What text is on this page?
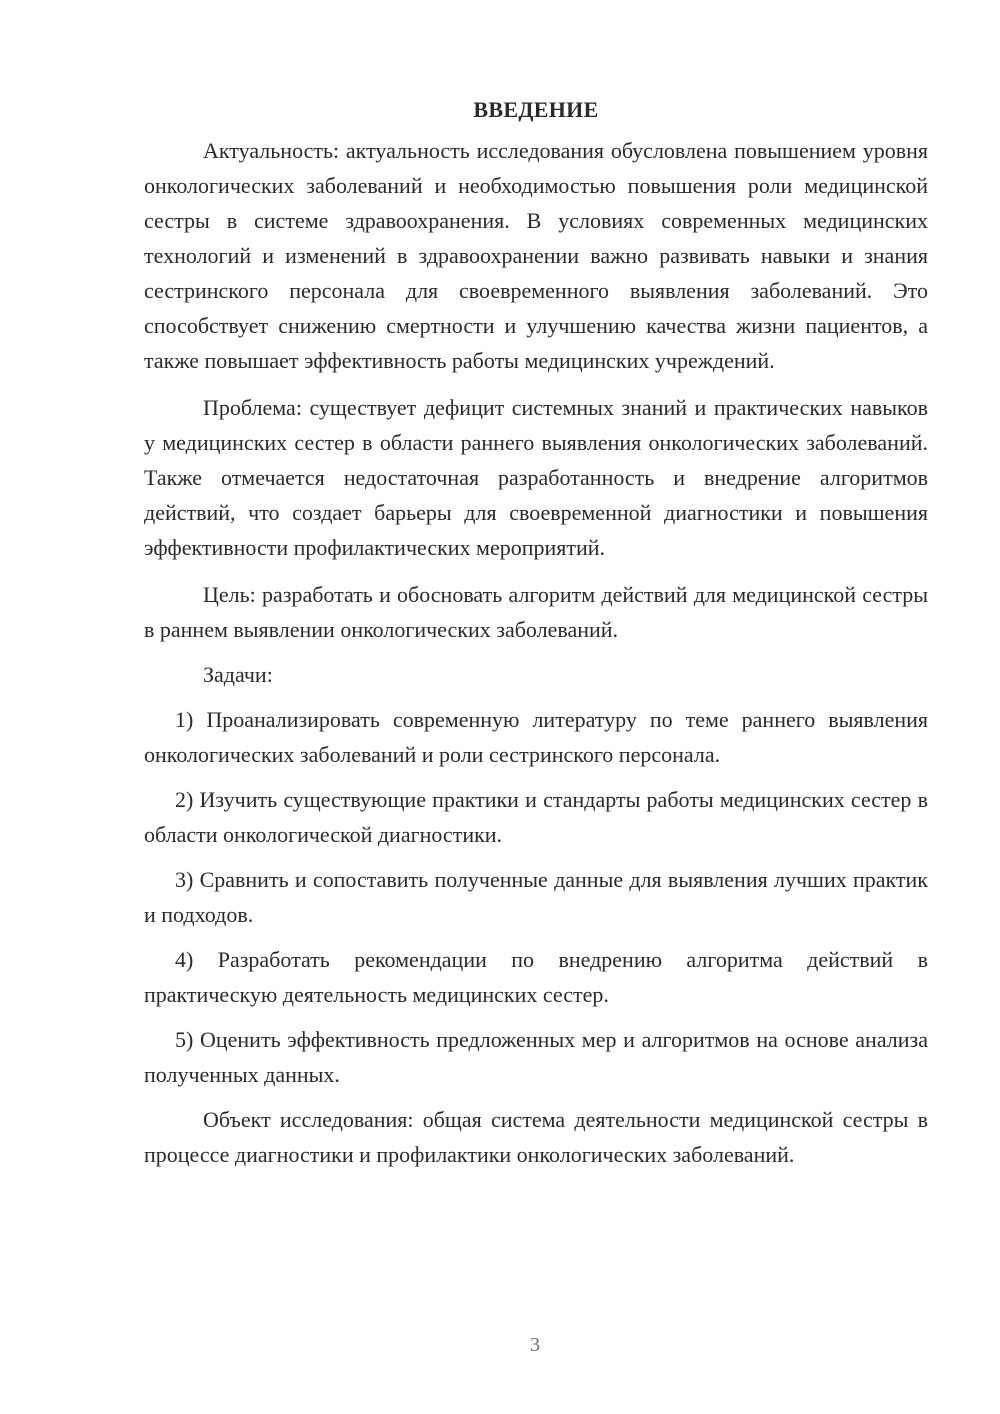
ВВЕДЕНИЕ

Актуальность: актуальность исследования обусловлена повышением уровня онкологических заболеваний и необходимостью повышения роли медицинской сестры в системе здравоохранения. В условиях современных медицинских технологий и изменений в здравоохранении важно развивать навыки и знания сестринского персонала для своевременного выявления заболеваний. Это способствует снижению смертности и улучшению качества жизни пациентов, а также повышает эффективность работы медицинских учреждений.

Проблема: существует дефицит системных знаний и практических навыков у медицинских сестер в области раннего выявления онкологических заболеваний. Также отмечается недостаточная разработанность и внедрение алгоритмов действий, что создает барьеры для своевременной диагностики и повышения эффективности профилактических мероприятий.

Цель: разработать и обосновать алгоритм действий для медицинской сестры в раннем выявлении онкологических заболеваний.

Задачи:

1) Проанализировать современную литературу по теме раннего выявления онкологических заболеваний и роли сестринского персонала.

2) Изучить существующие практики и стандарты работы медицинских сестер в области онкологической диагностики.

3) Сравнить и сопоставить полученные данные для выявления лучших практик и подходов.

4) Разработать рекомендации по внедрению алгоритма действий в практическую деятельность медицинских сестер.

5) Оценить эффективность предложенных мер и алгоритмов на основе анализа полученных данных.

Объект исследования: общая система деятельности медицинской сестры в процессе диагностики и профилактики онкологических заболеваний.

3
